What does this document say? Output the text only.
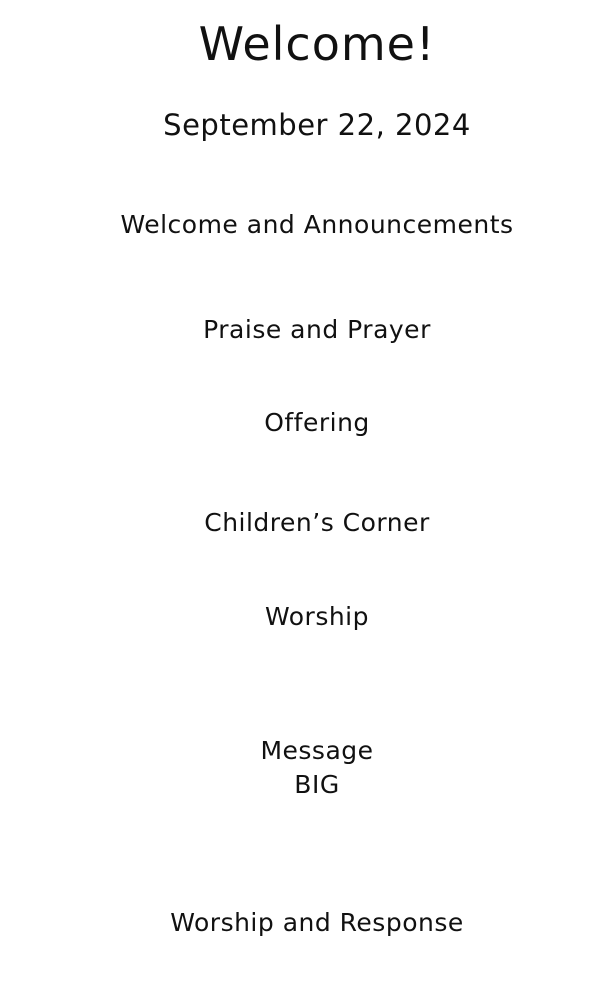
Welcome!
September 22, 2024
Welcome and Announcements
Praise and Prayer
Offering
Children’s Corner
Worship
Message
BIG
Worship and Response
